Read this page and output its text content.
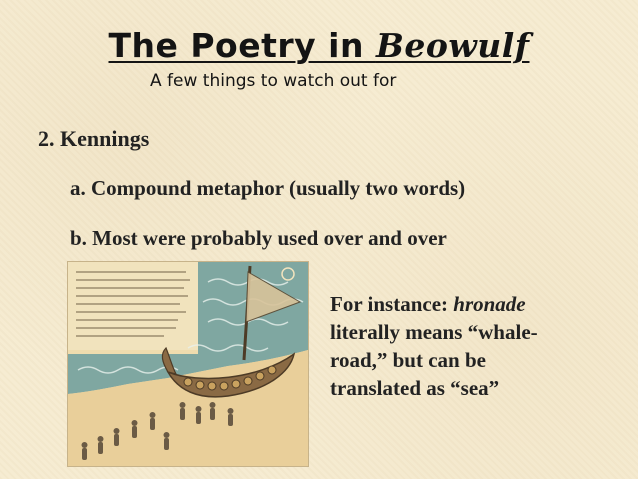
The Poetry in Beowulf
A few things to watch out for
2. Kennings
a. Compound metaphor (usually two words)
b. Most were probably used over and over
For instance: hronade
literally means “whale-
road,” but can be
translated as “sea”
